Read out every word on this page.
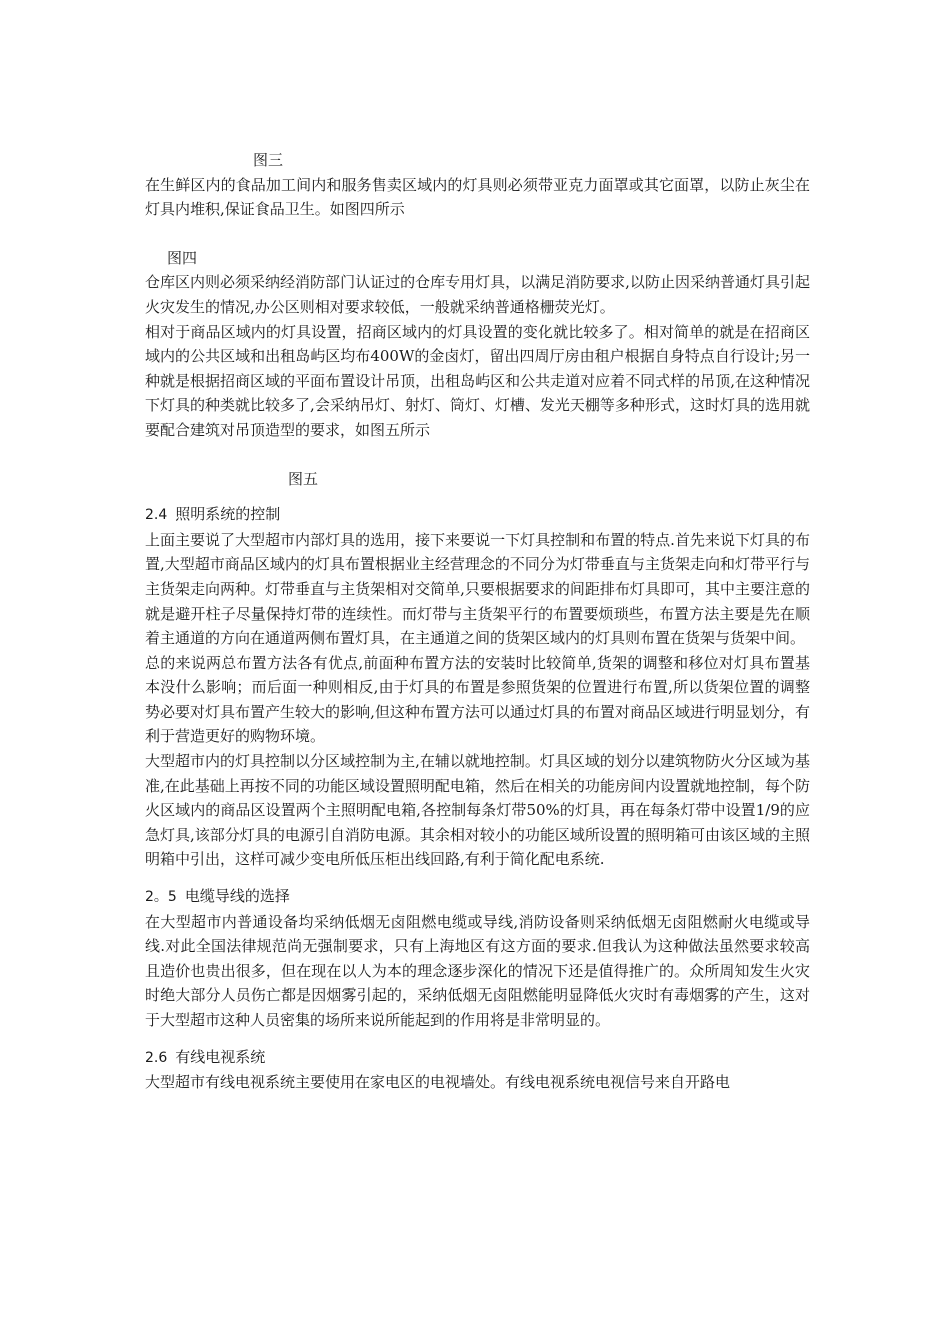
图三

在生鲜区内的食品加工间内和服务售卖区域内的灯具则必须带亚克力面罩或其它面罩，以防止灰尘在灯具内堆积,保证食品卫生。如图四所示

图四

仓库区内则必须采纳经消防部门认证过的仓库专用灯具，以满足消防要求,以防止因采纳普通灯具引起火灾发生的情况,办公区则相对要求较低，一般就采纳普通格栅荧光灯。

相对于商品区域内的灯具设置，招商区域内的灯具设置的变化就比较多了。相对简单的就是在招商区域内的公共区域和出租岛屿区均布400W的金卤灯，留出四周厅房由租户根据自身特点自行设计;另一种就是根据招商区域的平面布置设计吊顶，出租岛屿区和公共走道对应着不同式样的吊顶,在这种情况下灯具的种类就比较多了,会采纳吊灯、射灯、筒灯、灯槽、发光天棚等多种形式，这时灯具的选用就要配合建筑对吊顶造型的要求，如图五所示

图五

2.4 照明系统的控制

上面主要说了大型超市内部灯具的选用，接下来要说一下灯具控制和布置的特点.首先来说下灯具的布置,大型超市商品区域内的灯具布置根据业主经营理念的不同分为灯带垂直与主货架走向和灯带平行与主货架走向两种。灯带垂直与主货架相对交简单,只要根据要求的间距排布灯具即可，其中主要注意的就是避开柱子尽量保持灯带的连续性。而灯带与主货架平行的布置要烦琐些，布置方法主要是先在顺着主通道的方向在通道两侧布置灯具，在主通道之间的货架区域内的灯具则布置在货架与货架中间。

总的来说两总布置方法各有优点,前面种布置方法的安装时比较简单,货架的调整和移位对灯具布置基本没什么影响；而后面一种则相反,由于灯具的布置是参照货架的位置进行布置,所以货架位置的调整势必要对灯具布置产生较大的影响,但这种布置方法可以通过灯具的布置对商品区域进行明显划分，有利于营造更好的购物环境。

大型超市内的灯具控制以分区域控制为主,在辅以就地控制。灯具区域的划分以建筑物防火分区域为基准,在此基础上再按不同的功能区域设置照明配电箱，然后在相关的功能房间内设置就地控制，每个防火区域内的商品区设置两个主照明配电箱,各控制每条灯带50%的灯具，再在每条灯带中设置1/9的应急灯具,该部分灯具的电源引自消防电源。其余相对较小的功能区域所设置的照明箱可由该区域的主照明箱中引出，这样可减少变电所低压柜出线回路,有利于简化配电系统.

2。5 电缆导线的选择

在大型超市内普通设备均采纳低烟无卤阻燃电缆或导线,消防设备则采纳低烟无卤阻燃耐火电缆或导线.对此全国法律规范尚无强制要求，只有上海地区有这方面的要求.但我认为这种做法虽然要求较高且造价也贵出很多，但在现在以人为本的理念逐步深化的情况下还是值得推广的。众所周知发生火灾时绝大部分人员伤亡都是因烟雾引起的，采纳低烟无卤阻燃能明显降低火灾时有毒烟雾的产生，这对于大型超市这种人员密集的场所来说所能起到的作用将是非常明显的。

2.6 有线电视系统

大型超市有线电视系统主要使用在家电区的电视墙处。有线电视系统电视信号来自开路电
